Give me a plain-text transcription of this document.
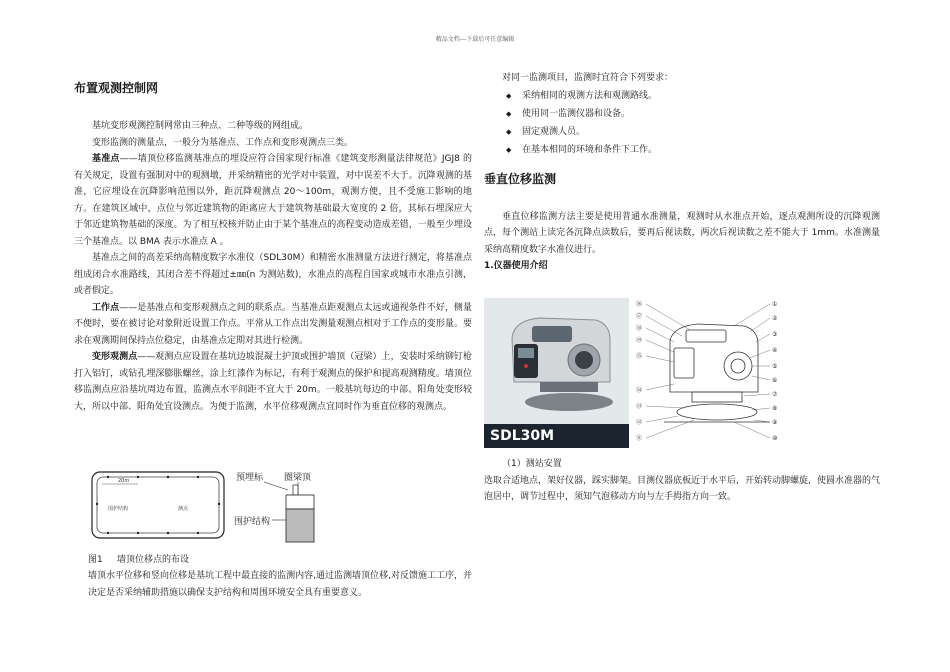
精品文档---下载后可任意编辑
布置观测控制网

基坑变形观测控制网常由三种点、二种等级的网组成。

变形监测的测量点，一般分为基准点、工作点和变形观测点三类。

基准点——墙顶位移监测基准点的埋设应符合国家现行标准《建筑变形测量法律规范》JGJ8 的有关规定，设置有强制对中的观测墩，并采纳精密的光学对中装置，对中误差不大于。沉降观测的基准，它应埋设在沉降影响范围以外，距沉降观测点 20～100m，观测方便，且不受施工影响的地方。在建筑区域中，点位与邻近建筑物的距离应大于建筑物基础最大宽度的 2 倍，其标石埋深应大于邻近建筑物基础的深度。为了相互校核并防止由于某个基准点的高程变动造成差错，一般至少埋设三个基准点。以 BMA 表示水准点 A 。

基准点之间的高差采纳高精度数字水准仪（SDL30M）和精密水准测量方法进行测定，将基准点组成闭合水准路线，其闭合差不得超过±㎜(n 为测站数)，水准点的高程自国家或城市水准点引测，或者假定。

工作点——是基准点和变形观测点之间的联系点。当基准点距观测点太远或通视条件不好，侧量不便时，要在被讨论对象附近设置工作点。平常从工作点出发测量观测点相对于工作点的变形量。要求在观测期间保持点位稳定，由基准点定期对其进行检测。

变形观测点——观测点应设置在基坑边坡混凝土护顶或围护墙顶（冠梁）上，安装时采纳铆钉枪打入铝钉，或钻孔埋深膨胀螺丝，涂上红漆作为标记，有利于观测点的保护和提高观测精度。墙顶位移监测点应沿基坑周边布置，监测点水平间距不宜大于 20m。一般基坑每边的中部、阳角处变形较大，所以中部、阳角处宜设测点。为便于监测，水平位移观测点宜同时作为垂直位移的观测点。

20m
围护结构	测点
预埋标 圈梁顶
围护结构
图1 墙顶位移点的布设

墙顶水平位移和竖向位移是基坑工程中最直接的监测内容,通过监测墙顶位移,对反馈施工工序，并决定是否采纳辅助措施以确保支护结构和周围环境安全具有重要意义。

对同一监测项目，监测时宜符合下列要求：

◆ 采纳相同的观测方法和观测路线。
◆ 使用同一监测仪器和设备。
◆ 固定观测人员。
◆ 在基本相同的环境和条件下工作。
垂直位移监测

垂直位移监测方法主要是使用普通水准测量，观测时从水准点开始，逐点观测所设的沉降观测点，每个测站上读完各沉降点读数后，要再后视读数，两次后视读数之差不能大于 1mm。水准测量采纳高精度数字水准仪进行。

1.仪器使用介绍

SDL30M
⑯
⑰
⑱
⑲
⑮
⑭
⑬
⑫
⑪
①
②
③
④
⑤
⑥
⑦
⑧
⑨
⑩

（1）测站安置

选取合适地点，架好仪器，踩实脚架。目测仪器底板近于水平后，开始转动脚螺旋，使圆水准器的气泡居中，调节过程中，须知气泡移动方向与左手拇指方向一致。
